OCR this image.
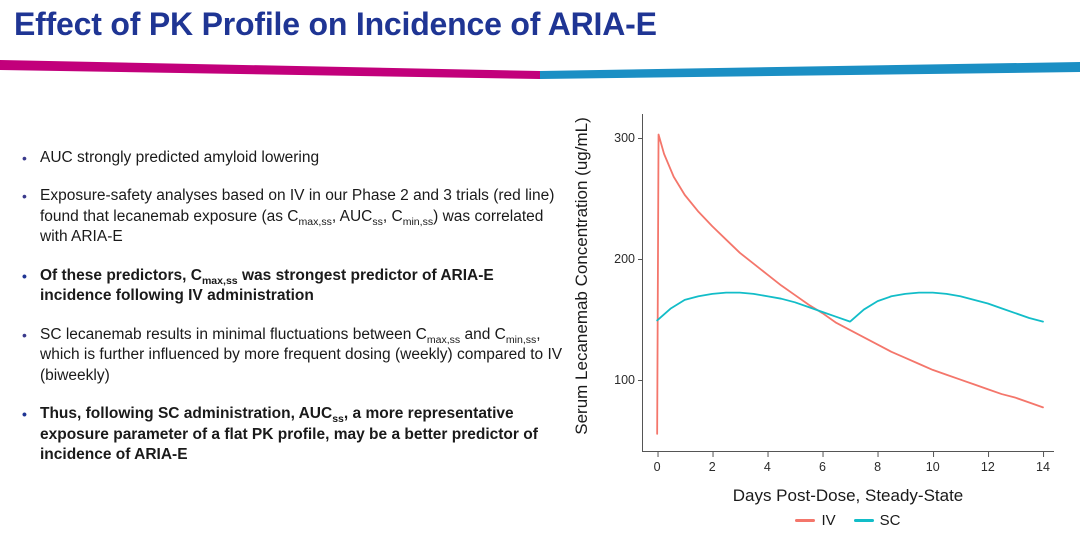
Effect of PK Profile on Incidence of ARIA-E
• AUC strongly predicted amyloid lowering
• Exposure-safety analyses based on IV in our Phase 2 and 3 trials (red line) found that lecanemab exposure (as $C_{max,ss}$, $AUC_{ss}$, $C_{min,ss}$) was correlated with ARIA-E
• Of these predictors, $C_{max,ss}$ was strongest predictor of ARIA-E incidence following IV administration
• SC lecanemab results in minimal fluctuations between $C_{max,ss}$ and $C_{min,ss}$, which is further influenced by more frequent dosing (weekly) compared to IV (biweekly)
• Thus, following SC administration, $AUC_{ss}$, a more representative exposure parameter of a flat PK profile, may be a better predictor of incidence of ARIA-E
Serum Lecanemab Concentration (ug/mL) 100
200
300
0	2	4	6	8	10	12	14
Days Post-Dose, Steady-State
IV	SC
